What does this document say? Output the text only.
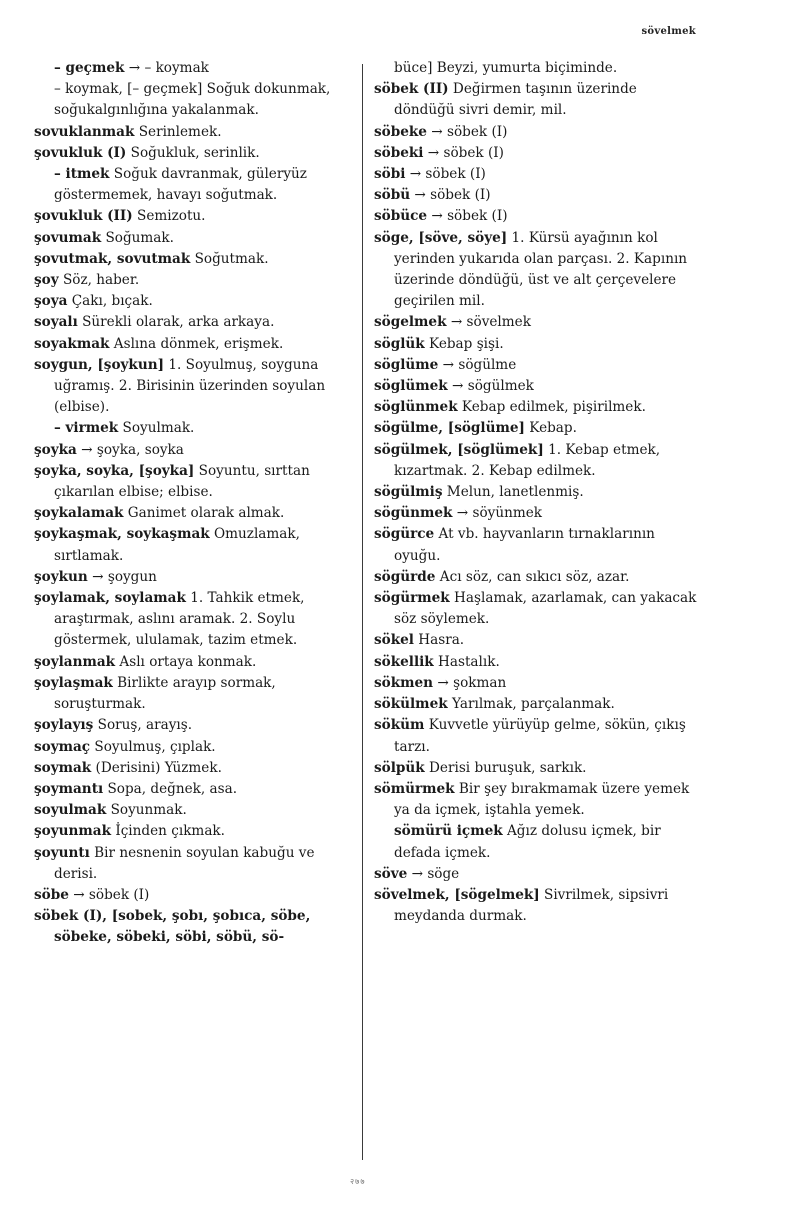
sövelmek

– geçmek → – koymak

– koymak, [– geçmek] Soğuk dokunmak, soğukalgınlığına yakalanmak.

sovuklanmak Serinlemek.

şovukluk (I) Soğukluk, serinlik.

– itmek Soğuk davranmak, güleryüz göstermemek, havayı soğutmak.

şovukluk (II) Semizotu.

şovumak Soğumak.

şovutmak, sovutmak Soğutmak.

şoy Söz, haber.

şoya Çakı, bıçak.

soyalı Sürekli olarak, arka arkaya.

soyakmak Aslına dönmek, erişmek.

soygun, [şoykun] 1. Soyulmuş, soyguna uğramış. 2. Birisinin üzerinden soyulan (elbise).

– virmek Soyulmak.

şoyka → şoyka, soyka

şoyka, soyka, [şoyka] Soyuntu, sırttan çıkarılan elbise; elbise.

şoykalamak Ganimet olarak almak.

şoykaşmak, soykaşmak Omuzlamak, sırtlamak.

şoykun → şoygun

şoylamak, soylamak 1. Tahkik etmek, araştırmak, aslını aramak. 2. Soylu göstermek, ululamak, tazim etmek.

şoylanmak Aslı ortaya konmak.

şoylaşmak Birlikte arayıp sormak, soruşturmak.

şoylayış Soruş, arayış.

soymaç Soyulmuş, çıplak.

soymak (Derisini) Yüzmek.

şoymantı Sopa, değnek, asa.

soyulmak Soyunmak.

şoyunmak İçinden çıkmak.

şoyuntı Bir nesnenin soyulan kabuğu ve derisi.

söbe → söbek (I)

söbek (I), [sobek, şobı, şobıca, söbe, söbeke, söbeki, söbi, söbü, sö-

büce] Beyzi, yumurta biçiminde.

söbek (II) Değirmen taşının üzerinde döndüğü sivri demir, mil.

söbeke → söbek (I)

söbeki → söbek (I)

söbi → söbek (I)

söbü → söbek (I)

söbüce → söbek (I)

söge, [söve, söye] 1. Kürsü ayağının kol yerinden yukarıda olan parçası. 2. Kapının üzerinde döndüğü, üst ve alt çerçevelere geçirilen mil.

sögelmek → sövelmek

söglük Kebap şişi.

söglüme → sögülme

söglümek → sögülmek

söglünmek Kebap edilmek, pişirilmek.

sögülme, [söglüme] Kebap.

sögülmek, [söglümek] 1. Kebap etmek, kızartmak. 2. Kebap edilmek.

sögülmiş Melun, lanetlenmiş.

sögünmek → söyünmek

sögürce At vb. hayvanların tırnaklarının oyuğu.

sögürde Acı söz, can sıkıcı söz, azar.

sögürmek Haşlamak, azarlamak, can yakacak söz söylemek.

sökel Hasra.

sökellik Hastalık.

sökmen → şokman

sökülmek Yarılmak, parçalanmak.

söküm Kuvvetle yürüyüp gelme, sökün, çıkış tarzı.

sölpük Derisi buruşuk, sarkık.

sömürmek Bir şey bırakmamak üzere yemek ya da içmek, iştahla yemek.

sömürü içmek Ağız dolusu içmek, bir defada içmek.

söve → söge

sövelmek, [sögelmek] Sivrilmek, sipsivri meydanda durmak.

२७७
